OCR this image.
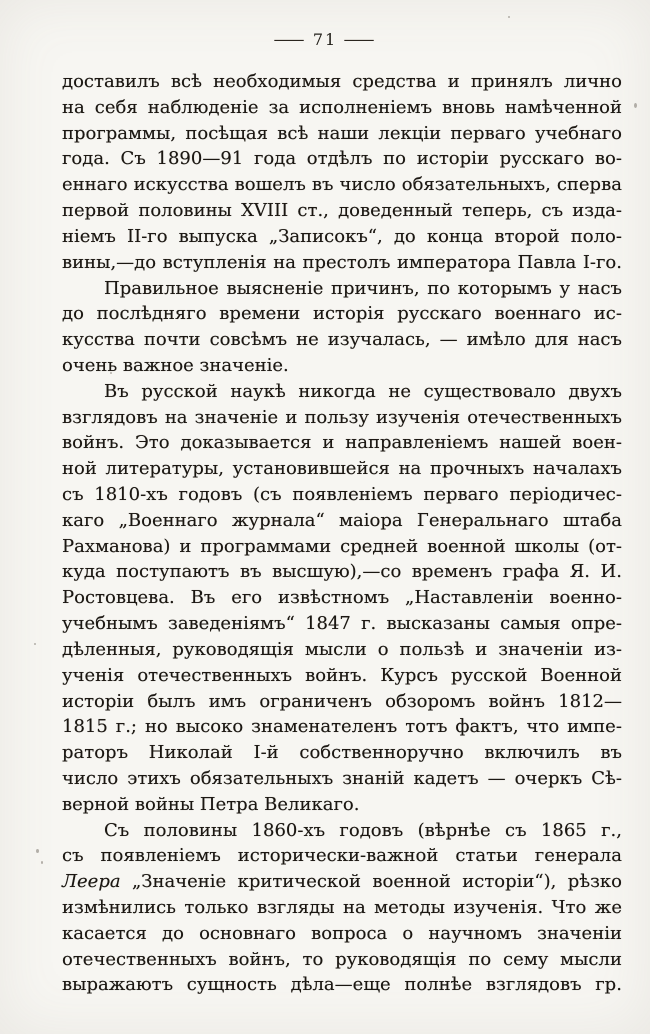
— 71 —
доставилъ всѣ необходимыя средства и принялъ лично
на себя наблюденіе за исполненіемъ вновь намѣченной
программы, посѣщая всѣ наши лекціи перваго учебнаго
года. Съ 1890—91 года отдѣлъ по исторіи русскаго во-
еннаго искусства вошелъ въ число обязательныхъ, сперва
первой половины XVIII ст., доведенный теперь, съ изда-
ніемъ II-го выпуска „Записокъ“, до конца второй поло-
вины,—до вступленія на престолъ императора Павла I-го.
Правильное выясненіе причинъ, по которымъ у насъ
до послѣдняго времени исторія русскаго военнаго ис-
кусства почти совсѣмъ не изучалась, — имѣло для насъ
очень важное значеніе.
Въ русской наукѣ никогда не существовало двухъ
взглядовъ на значеніе и пользу изученія отечественныхъ
войнъ. Это доказывается и направленіемъ нашей воен-
ной литературы, установившейся на прочныхъ началахъ
съ 1810-хъ годовъ (съ появленіемъ перваго періодичес-
каго „Военнаго журнала“ маіора Генеральнаго штаба
Рахманова) и программами средней военной школы (от-
куда поступаютъ въ высшую),—со временъ графа Я. И.
Ростовцева. Въ его извѣстномъ „Наставленіи военно-
учебнымъ заведеніямъ“ 1847 г. высказаны самыя опре-
дѣленныя, руководящія мысли о пользѣ и значеніи из-
ученія отечественныхъ войнъ. Курсъ русской Военной
исторіи былъ имъ ограниченъ обзоромъ войнъ 1812—
1815 г.; но высоко знаменателенъ тотъ фактъ, что импе-
раторъ Николай I-й собственноручно включилъ въ
число этихъ обязательныхъ знаній кадетъ — очеркъ Сѣ-
верной войны Петра Великаго.
Съ половины 1860-хъ годовъ (вѣрнѣе съ 1865 г.,
съ появленіемъ исторически-важной статьи генерала
Леера „Значеніе критической военной исторіи“), рѣзко
измѣнились только взгляды на методы изученія. Что же
касается до основнаго вопроса о научномъ значеніи
отечественныхъ войнъ, то руководящія по сему мысли
выражаютъ сущность дѣла—еще полнѣе взглядовъ гр.
